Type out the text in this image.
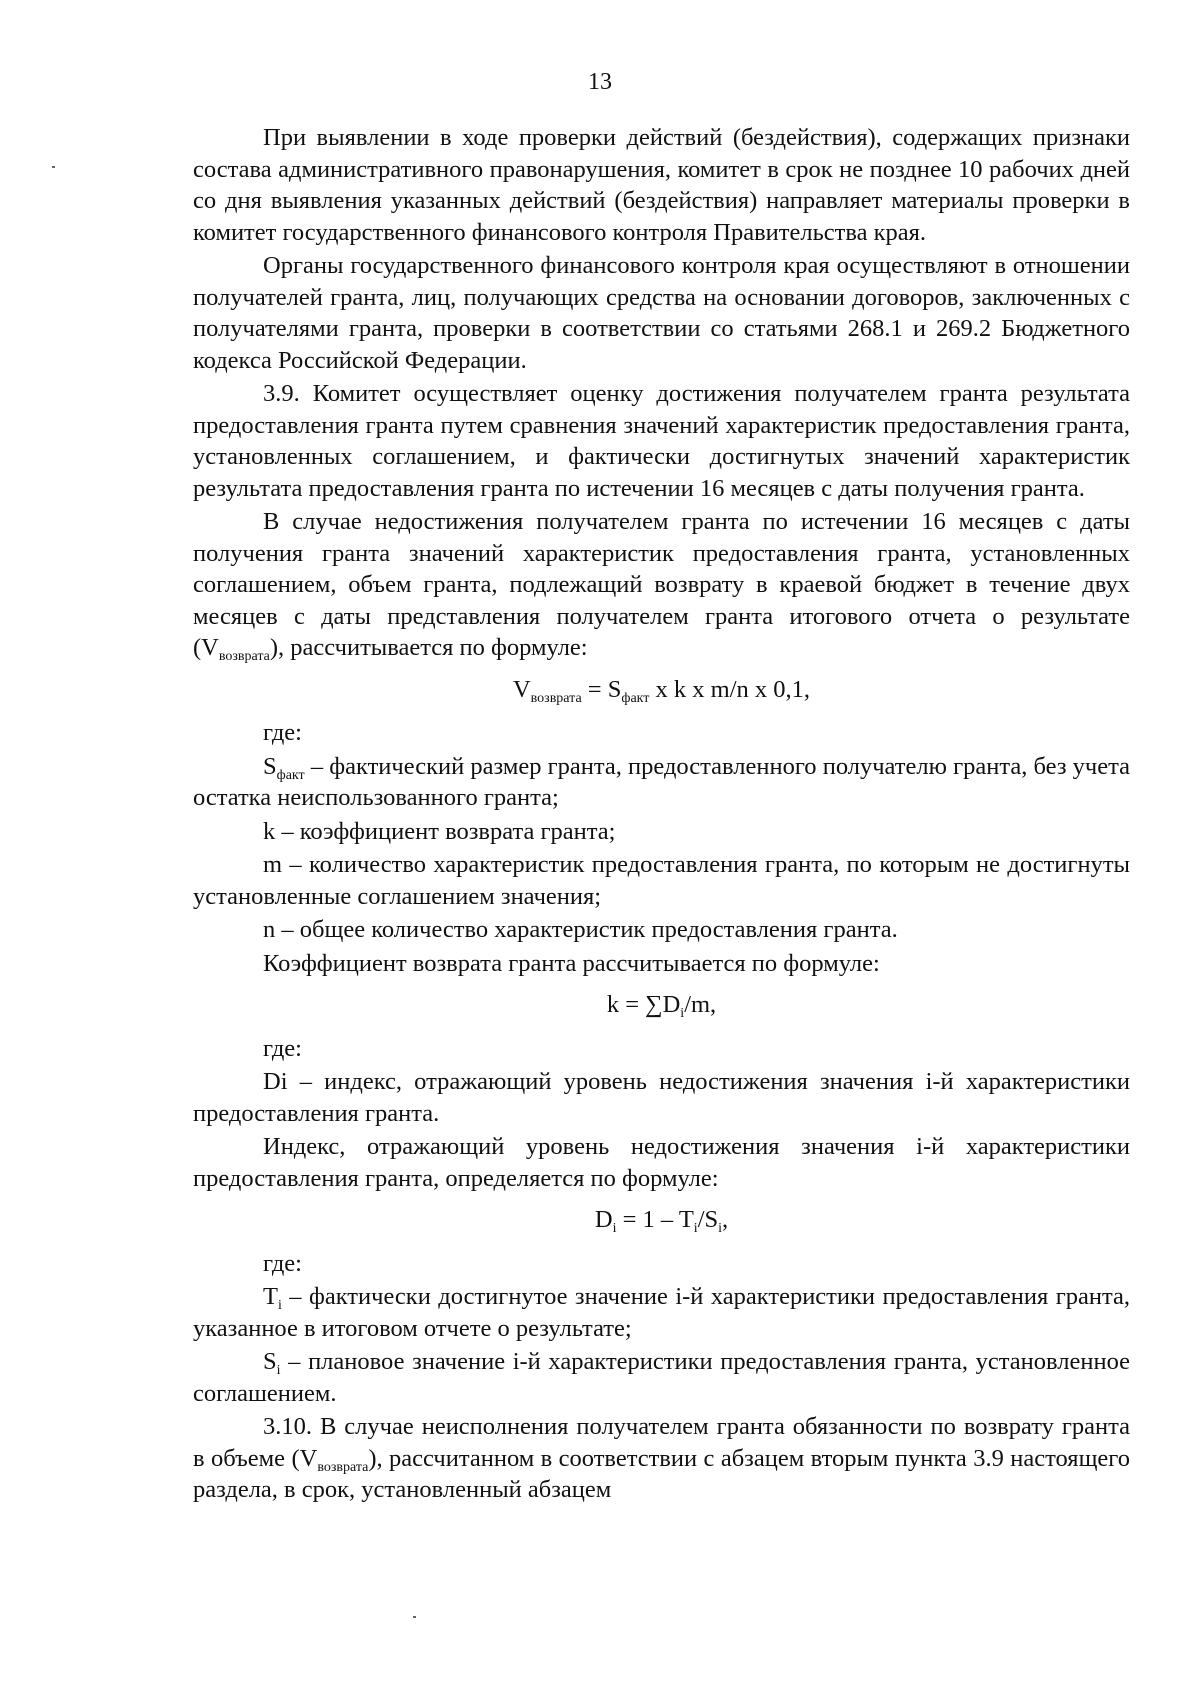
13

При выявлении в ходе проверки действий (бездействия), содержащих признаки состава административного правонарушения, комитет в срок не позднее 10 рабочих дней со дня выявления указанных действий (бездействия) направляет материалы проверки в комитет государственного финансового контроля Правительства края.

Органы государственного финансового контроля края осуществляют в отношении получателей гранта, лиц, получающих средства на основании договоров, заключенных с получателями гранта, проверки в соответствии со статьями 268.1 и 269.2 Бюджетного кодекса Российской Федерации.

3.9. Комитет осуществляет оценку достижения получателем гранта результата предоставления гранта путем сравнения значений характеристик предоставления гранта, установленных соглашением, и фактически достигнутых значений характеристик результата предоставления гранта по истечении 16 месяцев с даты получения гранта.

В случае недостижения получателем гранта по истечении 16 месяцев с даты получения гранта значений характеристик предоставления гранта, установленных соглашением, объем гранта, подлежащий возврату в краевой бюджет в течение двух месяцев с даты представления получателем гранта итогового отчета о результате $(V_{возврата})$, рассчитывается по формуле:

$V_{возврата} = S_{факт}$ x k x m/n x 0,1,

где:

$S_{факт}$ – фактический размер гранта, предоставленного получателю гранта, без учета остатка неиспользованного гранта;

k – коэффициент возврата гранта;

m – количество характеристик предоставления гранта, по которым не достигнуты установленные соглашением значения;

n – общее количество характеристик предоставления гранта.

Коэффициент возврата гранта рассчитывается по формуле:

$k = \sum D_i/m$,

где:

Di – индекс, отражающий уровень недостижения значения i-й характеристики предоставления гранта.

Индекс, отражающий уровень недостижения значения i-й характеристики предоставления гранта, определяется по формуле:

$D_i = 1 - T_i/S_i$,

где:

$T_i$ – фактически достигнутое значение i-й характеристики предоставления гранта, указанное в итоговом отчете о результате;

$S_i$ – плановое значение i-й характеристики предоставления гранта, установленное соглашением.

3.10. В случае неисполнения получателем гранта обязанности по возврату гранта в объеме $(V_{возврата})$, рассчитанном в соответствии с абзацем вторым пункта 3.9 настоящего раздела, в срок, установленный абзацем
